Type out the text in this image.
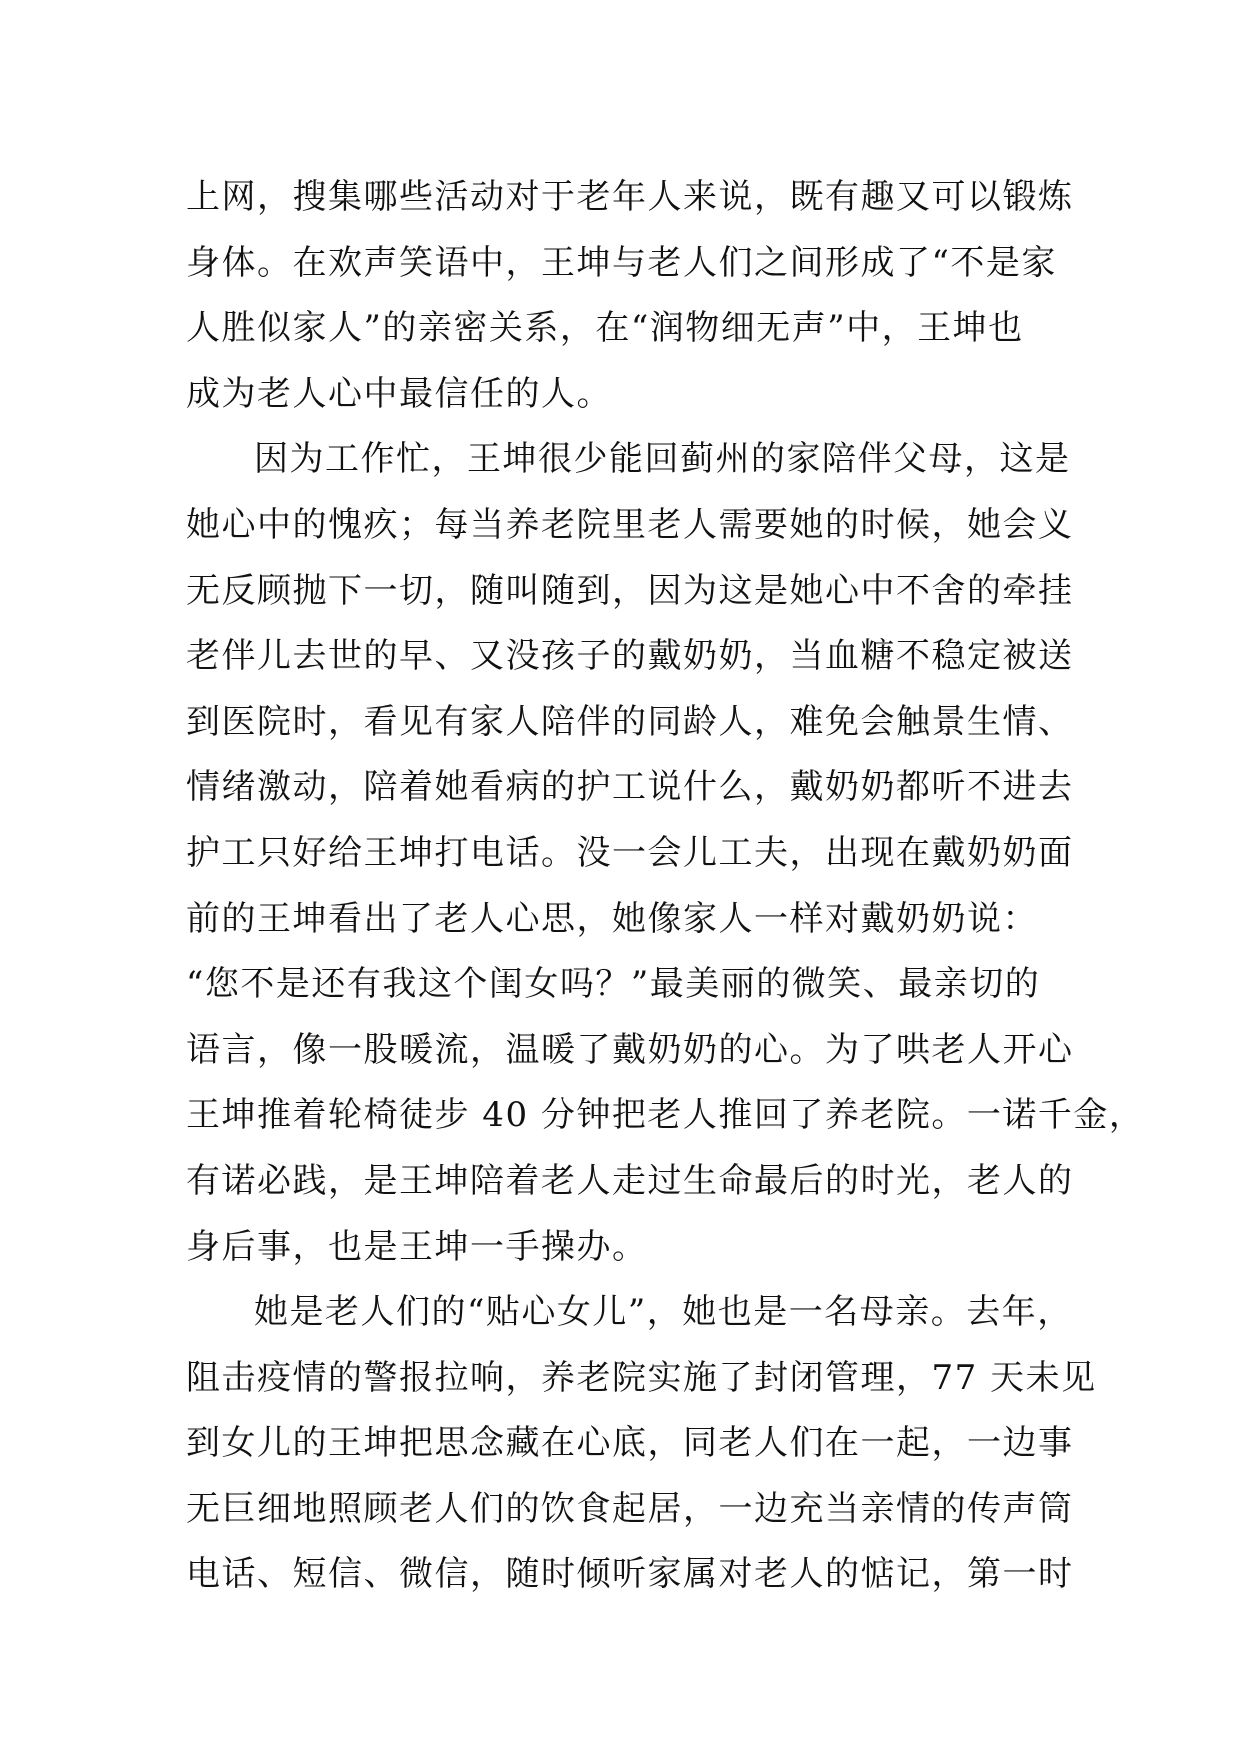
上网，搜集哪些活动对于老年人来说，既有趣又可以锻炼
身体。在欢声笑语中，王坤与老人们之间形成了“不是家
人胜似家人”的亲密关系，在“润物细无声”中，王坤也
成为老人心中最信任的人。
因为工作忙，王坤很少能回蓟州的家陪伴父母，这是
她心中的愧疚；每当养老院里老人需要她的时候，她会义
无反顾抛下一切，随叫随到，因为这是她心中不舍的牵挂
老伴儿去世的早、又没孩子的戴奶奶，当血糖不稳定被送
到医院时，看见有家人陪伴的同龄人，难免会触景生情、
情绪激动，陪着她看病的护工说什么，戴奶奶都听不进去
护工只好给王坤打电话。没一会儿工夫，出现在戴奶奶面
前的王坤看出了老人心思，她像家人一样对戴奶奶说：
“您不是还有我这个闺女吗？”最美丽的微笑、最亲切的
语言，像一股暖流，温暖了戴奶奶的心。为了哄老人开心
王坤推着轮椅徒步 40 分钟把老人推回了养老院。一诺千金，
有诺必践，是王坤陪着老人走过生命最后的时光，老人的
身后事，也是王坤一手操办。
她是老人们的“贴心女儿”，她也是一名母亲。去年，
阻击疫情的警报拉响，养老院实施了封闭管理，77 天未见
到女儿的王坤把思念藏在心底，同老人们在一起，一边事
无巨细地照顾老人们的饮食起居，一边充当亲情的传声筒
电话、短信、微信，随时倾听家属对老人的惦记，第一时
